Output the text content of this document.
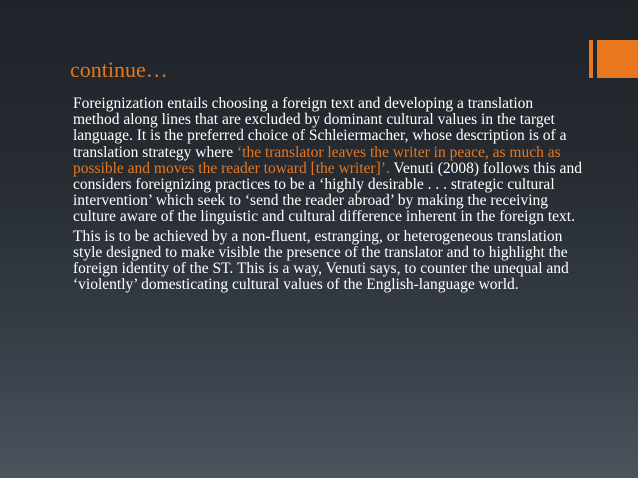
continue…

Foreignization entails choosing a foreign text and developing a translation method along lines that are excluded by dominant cultural values in the target language. It is the preferred choice of Schleiermacher, whose description is of a translation strategy where ‘the translator leaves the writer in peace, as much as possible and moves the reader toward [the writer]’. Venuti (2008) follows this and considers foreignizing practices to be a ‘highly desirable . . . strategic cultural intervention’ which seek to ‘send the reader abroad’ by making the receiving culture aware of the linguistic and cultural difference inherent in the foreign text.

This is to be achieved by a non-fluent, estranging, or heterogeneous translation style designed to make visible the presence of the translator and to highlight the foreign identity of the ST. This is a way, Venuti says, to counter the unequal and ‘violently’ domesticating cultural values of the English-language world.
